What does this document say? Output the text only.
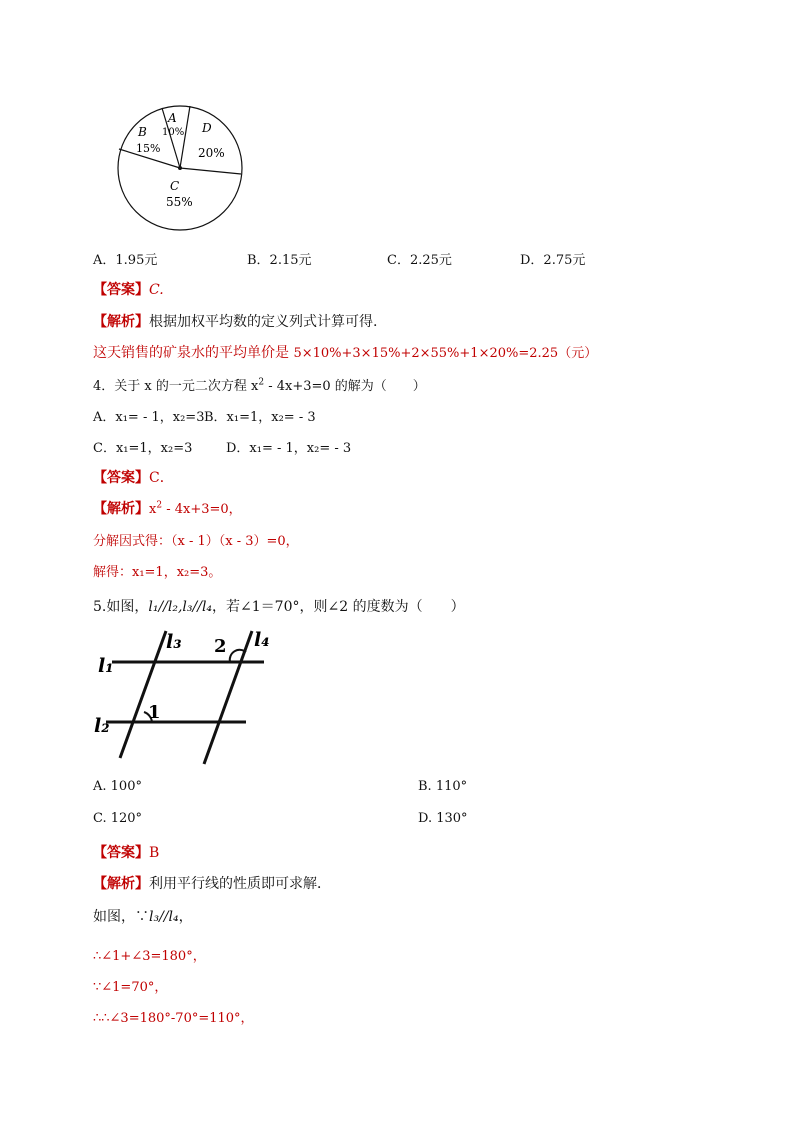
A
10%
B
15%
D
20%
C
55%
A．1.95元	B．2.15元	C．2.25元	D．2.75元
【答案】C.
【解析】根据加权平均数的定义列式计算可得.
这天销售的矿泉水的平均单价是 5×10%+3×15%+2×55%+1×20%=2.25（元）
4．关于 x 的一元二次方程 $x^2 - 4x+3=0$ 的解为（　　）
A．x₁= - 1，x₂=3 B．x₁=1，x₂= - 3
C．x₁=1，x₂=3	D．x₁= - 1，x₂= - 3
【答案】C．
【解析】$x^2 - 4x+3=0$，
分解因式得：（x - 1）（x - 3）=0，
解得：x₁=1，x₂=3。
5.如图，l₁//l₂,l₃//l₄，若∠1＝70°，则∠2 的度数为（　　）
l₁
l₂
l₃	l₄
1
2
A. 100°	B. 110°
C. 120°	D. 130°
【答案】B
【解析】利用平行线的性质即可求解．
如图，∵l₃//l₄，
∴∠1+∠3=180°，
∵∠1=70°，
∴∴∠3=180°-70°=110°，
